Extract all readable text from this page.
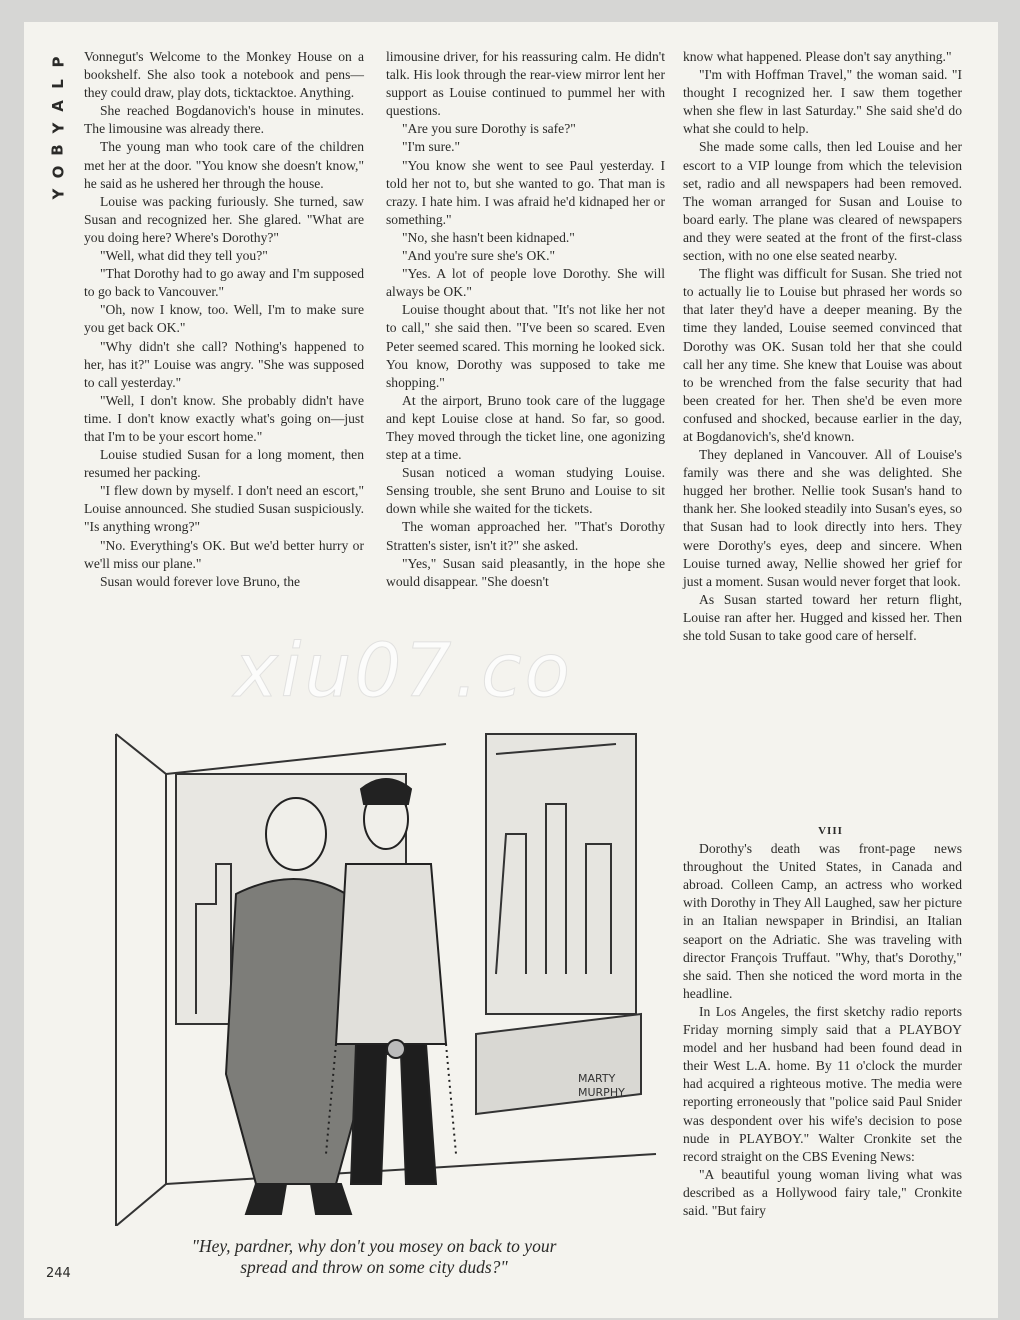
P
L
A
Y
B
O
Y

Vonnegut's Welcome to the Monkey House on a bookshelf. She also took a notebook and pens—they could draw, play dots, ticktacktoe. Anything.

She reached Bogdanovich's house in minutes. The limousine was already there.

The young man who took care of the children met her at the door. "You know she doesn't know," he said as he ushered her through the house.

Louise was packing furiously. She turned, saw Susan and recognized her. She glared. "What are you doing here? Where's Dorothy?"

"Well, what did they tell you?"

"That Dorothy had to go away and I'm supposed to go back to Vancouver."

"Oh, now I know, too. Well, I'm to make sure you get back OK."

"Why didn't she call? Nothing's happened to her, has it?" Louise was angry. "She was supposed to call yesterday."

"Well, I don't know. She probably didn't have time. I don't know exactly what's going on—just that I'm to be your escort home."

Louise studied Susan for a long moment, then resumed her packing.

"I flew down by myself. I don't need an escort," Louise announced. She studied Susan suspiciously. "Is anything wrong?"

"No. Everything's OK. But we'd better hurry or we'll miss our plane."

Susan would forever love Bruno, the

limousine driver, for his reassuring calm. He didn't talk. His look through the rear-view mirror lent her support as Louise continued to pummel her with questions.

"Are you sure Dorothy is safe?"

"I'm sure."

"You know she went to see Paul yesterday. I told her not to, but she wanted to go. That man is crazy. I hate him. I was afraid he'd kidnaped her or something."

"No, she hasn't been kidnaped."

"And you're sure she's OK."

"Yes. A lot of people love Dorothy. She will always be OK."

Louise thought about that. "It's not like her not to call," she said then. "I've been so scared. Even Peter seemed scared. This morning he looked sick. You know, Dorothy was supposed to take me shopping."

At the airport, Bruno took care of the luggage and kept Louise close at hand. So far, so good. They moved through the ticket line, one agonizing step at a time.

Susan noticed a woman studying Louise. Sensing trouble, she sent Bruno and Louise to sit down while she waited for the tickets.

The woman approached her. "That's Dorothy Stratten's sister, isn't it?" she asked.

"Yes," Susan said pleasantly, in the hope she would disappear. "She doesn't

know what happened. Please don't say anything."

"I'm with Hoffman Travel," the woman said. "I thought I recognized her. I saw them together when she flew in last Saturday." She said she'd do what she could to help.

She made some calls, then led Louise and her escort to a VIP lounge from which the television set, radio and all newspapers had been removed. The woman arranged for Susan and Louise to board early. The plane was cleared of newspapers and they were seated at the front of the first-class section, with no one else seated nearby.

The flight was difficult for Susan. She tried not to actually lie to Louise but phrased her words so that later they'd have a deeper meaning. By the time they landed, Louise seemed convinced that Dorothy was OK. Susan told her that she could call her any time. She knew that Louise was about to be wrenched from the false security that had been created for her. Then she'd be even more confused and shocked, because earlier in the day, at Bogdanovich's, she'd known.

They deplaned in Vancouver. All of Louise's family was there and she was delighted. She hugged her brother. Nellie took Susan's hand to thank her. She looked steadily into Susan's eyes, so that Susan had to look directly into hers. They were Dorothy's eyes, deep and sincere. When Louise turned away, Nellie showed her grief for just a moment. Susan would never forget that look.

As Susan started toward her return flight, Louise ran after her. Hugged and kissed her. Then she told Susan to take good care of herself.

VIII

Dorothy's death was front-page news throughout the United States, in Canada and abroad. Colleen Camp, an actress who worked with Dorothy in They All Laughed, saw her picture in an Italian newspaper in Brindisi, an Italian seaport on the Adriatic. She was traveling with director François Truffaut. "Why, that's Dorothy," she said. Then she noticed the word morta in the headline.

In Los Angeles, the first sketchy radio reports Friday morning simply said that a PLAYBOY model and her husband had been found dead in their West L.A. home. By 11 o'clock the murder had acquired a righteous motive. The media were reporting erroneously that "police said Paul Snider was despondent over his wife's decision to pose nude in PLAYBOY." Walter Cronkite set the record straight on the CBS Evening News:

"A beautiful young woman living what was described as a Hollywood fairy tale," Cronkite said. "But fairy

MARTY
MURPHY
"Hey, pardner, why don't you mosey on back to your
spread and throw on some city duds?"
244
xiu07.co
